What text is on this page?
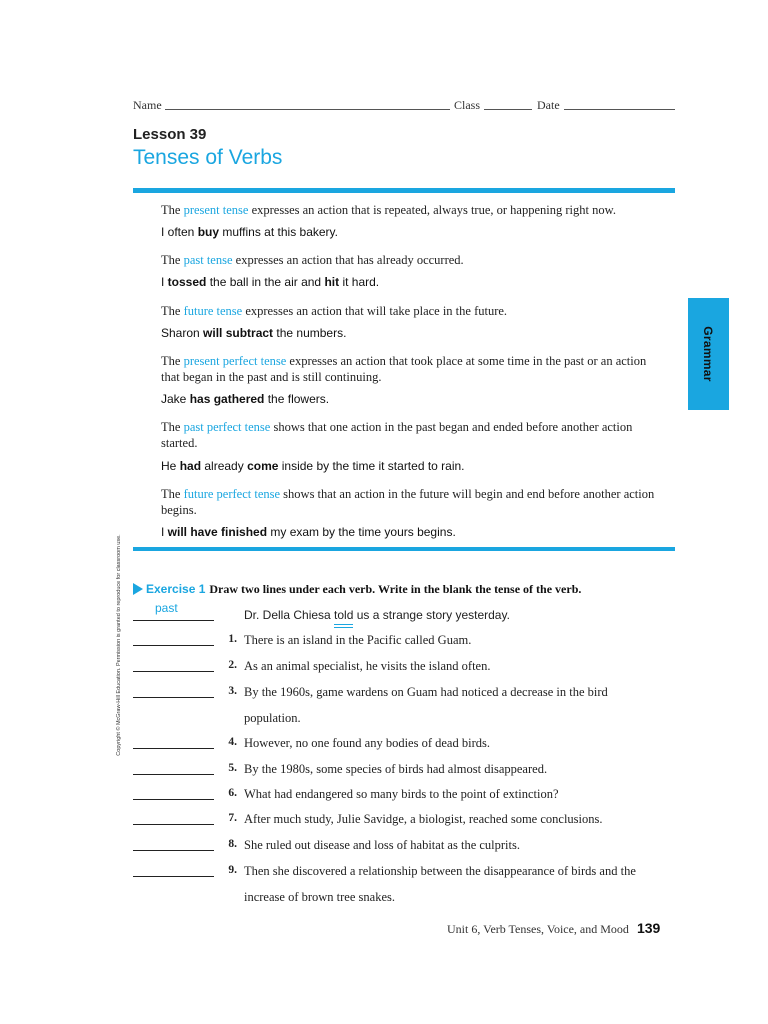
Name	Class	Date
Lesson 39
Tenses of Verbs
The present tense expresses an action that is repeated, always true, or happening right now.
I often buy muffins at this bakery.
The past tense expresses an action that has already occurred.
I tossed the ball in the air and hit it hard.
The future tense expresses an action that will take place in the future.
Sharon will subtract the numbers.
The present perfect tense expresses an action that took place at some time in the past or an action that began in the past and is still continuing.
Jake has gathered the flowers.
The past perfect tense shows that one action in the past began and ended before another action started.
He had already come inside by the time it started to rain.
The future perfect tense shows that an action in the future will begin and end before another action begins.
I will have finished my exam by the time yours begins.
Grammar
Copyright © McGraw-Hill Education. Permission is granted to reproduce for classroom use.	Exercise 1 Draw two lines under each verb. Write in the blank the tense of the verb.
past	Dr. Della Chiesa told
us a strange story yesterday.
1. There is an island in the Pacific called Guam.
2. As an animal specialist, he visits the island often.
3. By the 1960s, game wardens on Guam had noticed a decrease in the bird
population.
4. However, no one found any bodies of dead birds.
5. By the 1980s, some species of birds had almost disappeared.
6. What had endangered so many birds to the point of extinction?
7. After much study, Julie Savidge, a biologist, reached some conclusions.
8. She ruled out disease and loss of habitat as the culprits.
9. Then she discovered a relationship between the disappearance of birds and the
increase of brown tree snakes.
Unit 6, Verb Tenses, Voice, and Mood 139
